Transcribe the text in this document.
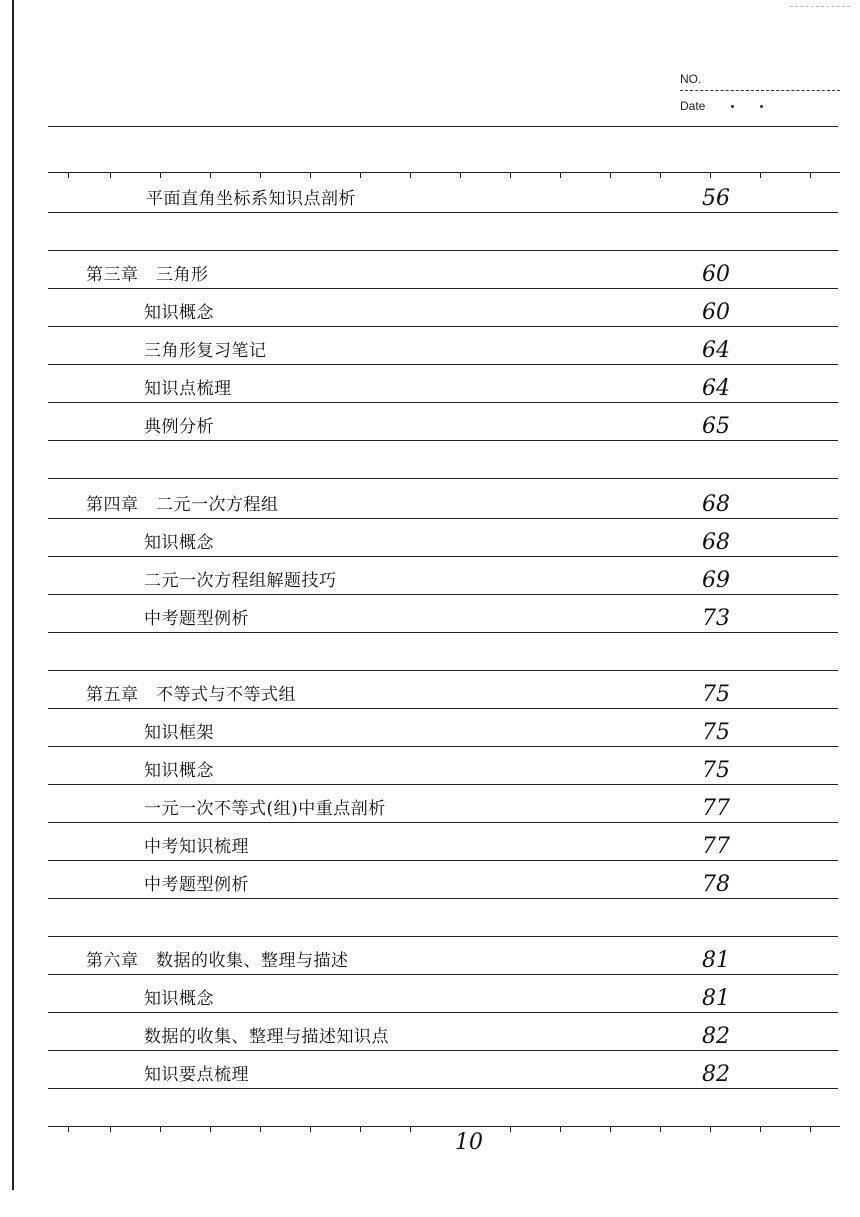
NO.
Date
平面直角坐标系知识点剖析	56
第三章　三角形	60
知识概念	60
三角形复习笔记	64
知识点梳理	64
典例分析	65
第四章　二元一次方程组	68
知识概念	68
二元一次方程组解题技巧	69
中考题型例析	73
第五章　不等式与不等式组	75
知识框架	75
知识概念	75
一元一次不等式(组)中重点剖析	77
中考知识梳理	77
中考题型例析	78
第六章　数据的收集、整理与描述	81
知识概念	81
数据的收集、整理与描述知识点	82
知识要点梳理	82
10
